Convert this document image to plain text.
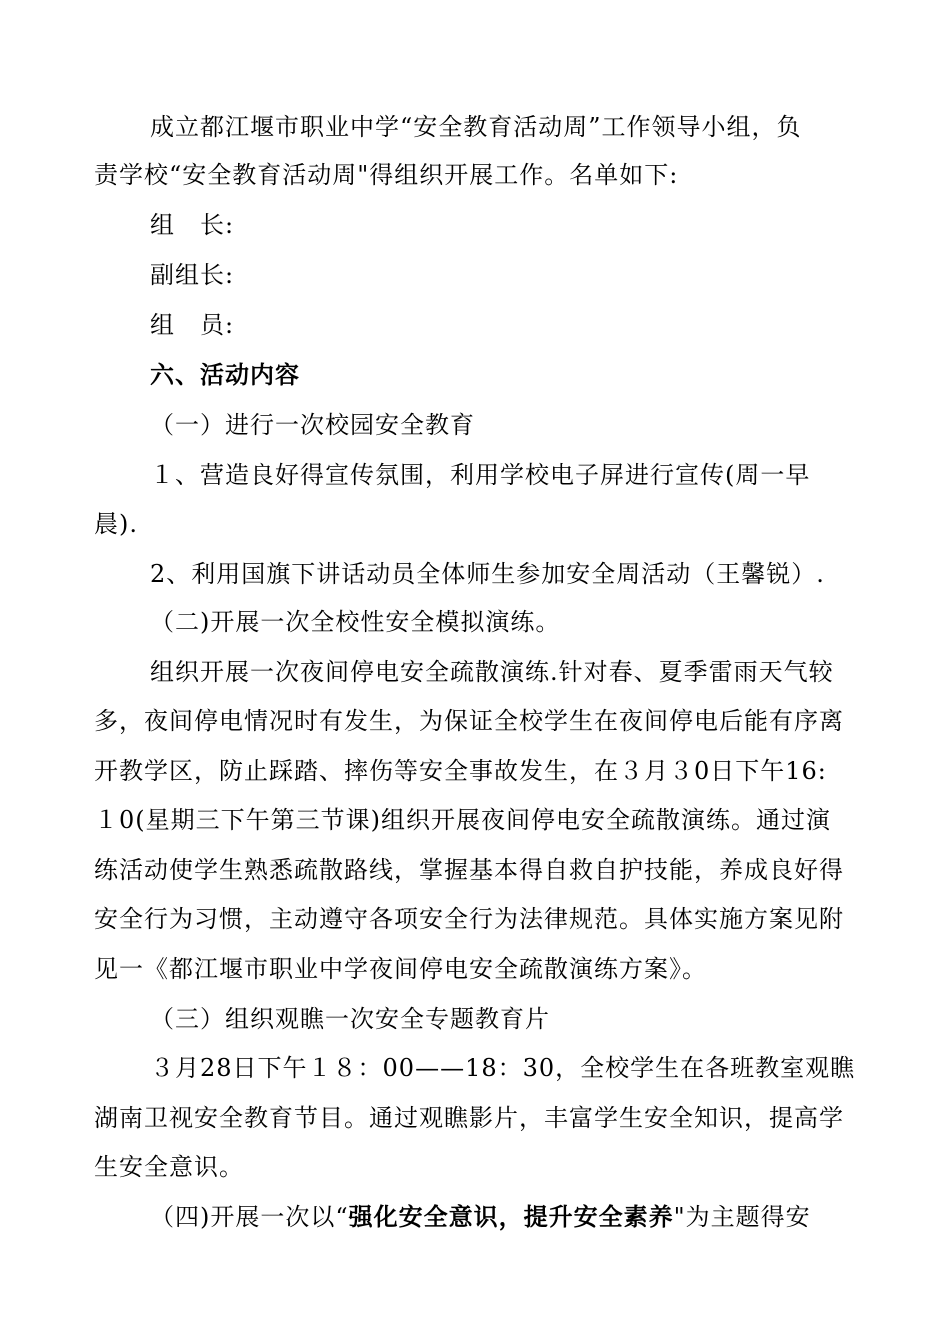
成立都江堰市职业中学“安全教育活动周”工作领导小组，负
责学校“安全教育活动周"得组织开展工作。名单如下:
组　长:
副组长:
组　员:
六、活动内容
（一）进行一次校园安全教育
１、营造良好得宣传氛围，利用学校电子屏进行宣传(周一早
晨).
2、利用国旗下讲话动员全体师生参加安全周活动（王馨锐）.
（二)开展一次全校性安全模拟演练。
组织开展一次夜间停电安全疏散演练.针对春、夏季雷雨天气较
多，夜间停电情况时有发生，为保证全校学生在夜间停电后能有序离
开教学区，防止踩踏、摔伤等安全事故发生，在３月３0日下午16:
１0(星期三下午第三节课)组织开展夜间停电安全疏散演练。通过演
练活动使学生熟悉疏散路线，掌握基本得自救自护技能，养成良好得
安全行为习惯，主动遵守各项安全行为法律规范。具体实施方案见附
见一《都江堰市职业中学夜间停电安全疏散演练方案》。
（三）组织观瞧一次安全专题教育片
３月28日下午１８：00——18：30，全校学生在各班教室观瞧
湖南卫视安全教育节目。通过观瞧影片，丰富学生安全知识，提高学
生安全意识。
（四)开展一次以“强化安全意识，提升安全素养"为主题得安
